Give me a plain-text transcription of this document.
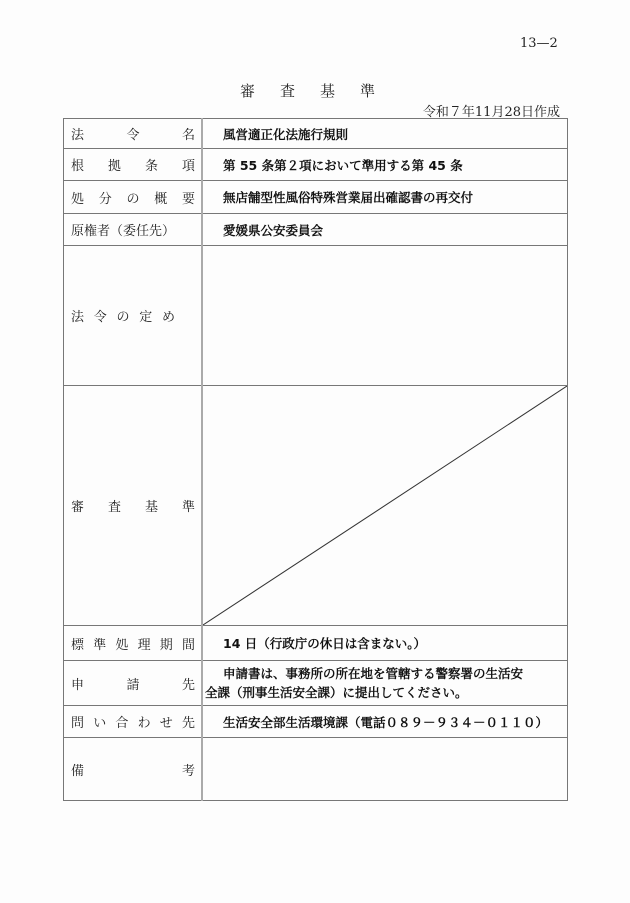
13—2
審	査	基	準
令和７年11月28日作成
法 令 名	風営適正化法施行規則

根 拠 条 項	第 55 条第２項において準用する第 45 条

処 分 の 概 要	無店舗型性風俗特殊営業届出確認書の再交付

原権者（委任先）	愛媛県公安委員会

法 令 の 定 め	

審 査 基 準

標 準 処 理 期 間	14 日（行政庁の休日は含まない。）

申 請 先	申請書は、事務所の所在地を管轄する警察署の生活安
全課（刑事生活安全課）に提出してください。

問 い 合 わ せ 先	生活安全部生活環境課（電話０８９－９３４－０１１０）

備 考	
